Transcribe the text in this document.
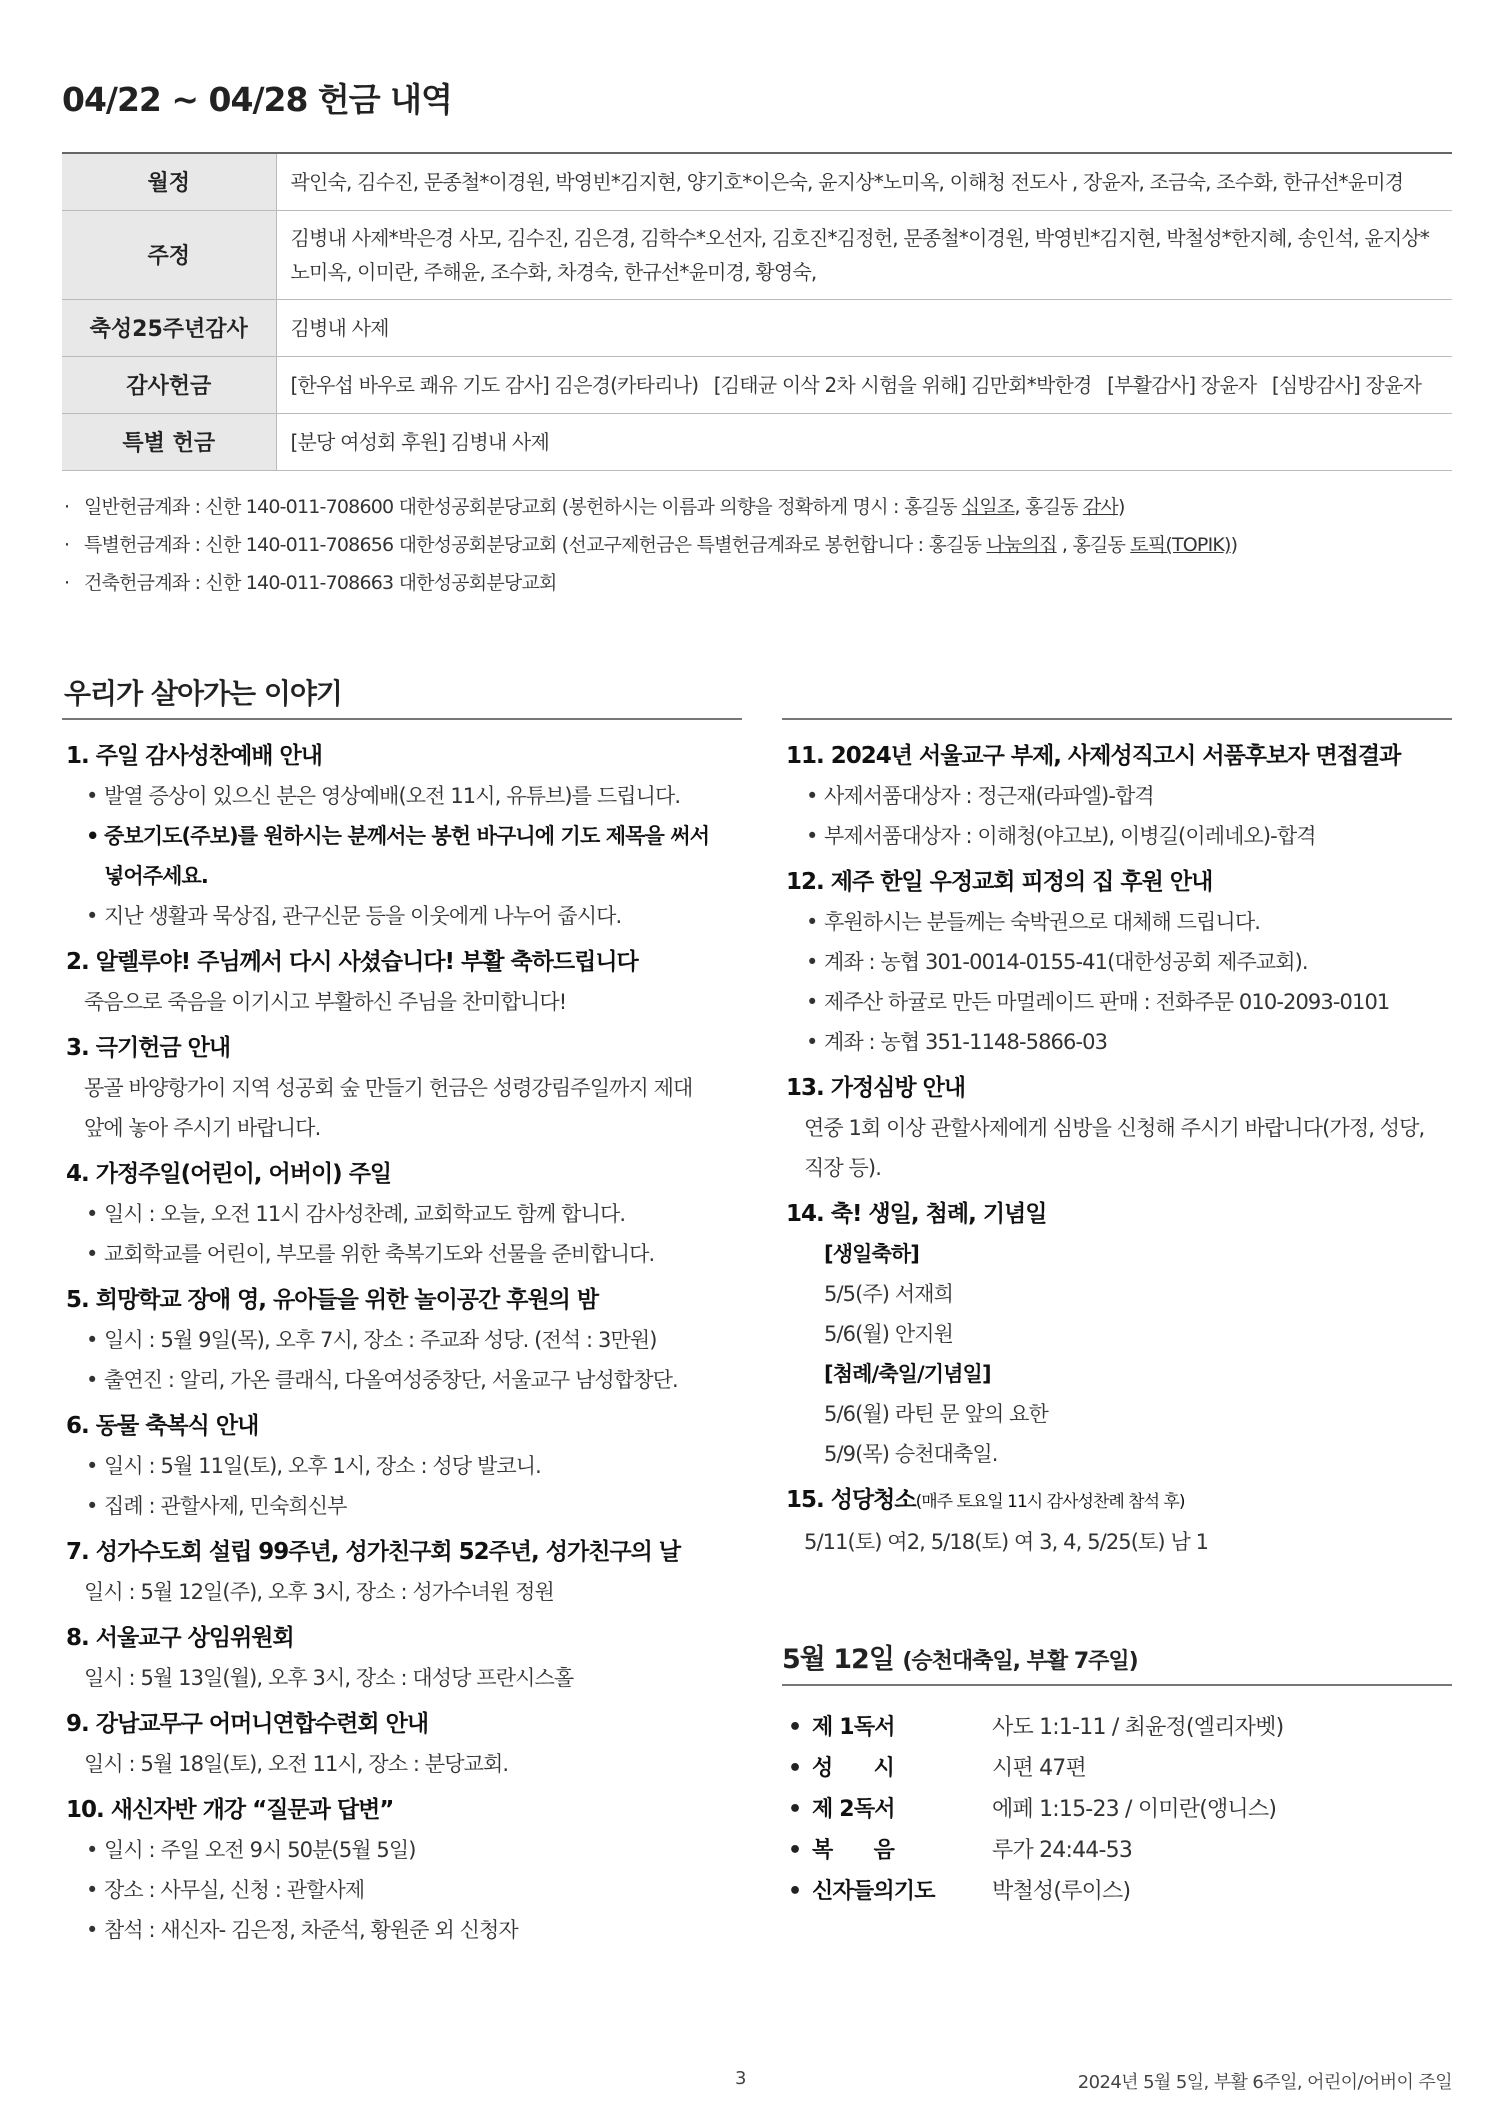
04/22 ~ 04/28 헌금 내역
월정	곽인숙, 김수진, 문종철*이경원, 박영빈*김지현, 양기호*이은숙, 윤지상*노미옥, 이해청 전도사 , 장윤자, 조금숙, 조수화, 한규선*윤미경
주정	김병내 사제*박은경 사모, 김수진, 김은경, 김학수*오선자, 김호진*김정헌, 문종철*이경원, 박영빈*김지현, 박철성*한지혜, 송인석, 윤지상*노미옥, 이미란, 주해윤, 조수화, 차경숙, 한규선*윤미경, 황영숙,
축성25주년감사	김병내 사제
감사헌금	[한우섭 바우로 쾌유 기도 감사] 김은경(카타리나) [김태균 이삭 2차 시험을 위해] 김만회*박한경 [부활감사] 장윤자 [심방감사] 장윤자
특별 헌금	[분당 여성회 후원] 김병내 사제
· 일반헌금계좌 : 신한 140-011-708600 대한성공회분당교회 (봉헌하시는 이름과 의향을 정확하게 명시 : 홍길동 십일조, 홍길동 감사)
· 특별헌금계좌 : 신한 140-011-708656 대한성공회분당교회 (선교구제헌금은 특별헌금계좌로 봉헌합니다 : 홍길동 나눔의집 , 홍길동 토픽(TOPIK))
· 건축헌금계좌 : 신한 140-011-708663 대한성공회분당교회
우리가 살아가는 이야기
1. 주일 감사성찬예배 안내
• 발열 증상이 있으신 분은 영상예배(오전 11시, 유튜브)를 드립니다.
• 중보기도(주보)를 원하시는 분께서는 봉헌 바구니에 기도 제목을 써서
넣어주세요.
• 지난 생활과 묵상집, 관구신문 등을 이웃에게 나누어 줍시다.
2. 알렐루야! 주님께서 다시 사셨습니다! 부활 축하드립니다
죽음으로 죽음을 이기시고 부활하신 주님을 찬미합니다!
3. 극기헌금 안내
몽골 바양항가이 지역 성공회 숲 만들기 헌금은 성령강림주일까지 제대
앞에 놓아 주시기 바랍니다.
4. 가정주일(어린이, 어버이) 주일
• 일시 : 오늘, 오전 11시 감사성찬례, 교회학교도 함께 합니다.
• 교회학교를 어린이, 부모를 위한 축복기도와 선물을 준비합니다.
5. 희망학교 장애 영, 유아들을 위한 놀이공간 후원의 밤
• 일시 : 5월 9일(목), 오후 7시, 장소 : 주교좌 성당. (전석 : 3만원)
• 출연진 : 알리, 가온 클래식, 다올여성중창단, 서울교구 남성합창단.
6. 동물 축복식 안내
• 일시 : 5월 11일(토), 오후 1시, 장소 : 성당 발코니.
• 집례 : 관할사제, 민숙희신부
7. 성가수도회 설립 99주년, 성가친구회 52주년, 성가친구의 날
일시 : 5월 12일(주), 오후 3시, 장소 : 성가수녀원 정원
8. 서울교구 상임위원회
일시 : 5월 13일(월), 오후 3시, 장소 : 대성당 프란시스홀
9. 강남교무구 어머니연합수련회 안내
일시 : 5월 18일(토), 오전 11시, 장소 : 분당교회.
10. 새신자반 개강 “질문과 답변”
• 일시 : 주일 오전 9시 50분(5월 5일)
• 장소 : 사무실, 신청 : 관할사제
• 참석 : 새신자- 김은정, 차준석, 황원준 외 신청자
11. 2024년 서울교구 부제, 사제성직고시 서품후보자 면접결과
• 사제서품대상자 : 정근재(라파엘)-합격
• 부제서품대상자 : 이해청(야고보), 이병길(이레네오)-합격
12. 제주 한일 우정교회 피정의 집 후원 안내
• 후원하시는 분들께는 숙박권으로 대체해 드립니다.
• 계좌 : 농협 301-0014-0155-41(대한성공회 제주교회).
• 제주산 하귤로 만든 마멀레이드 판매 : 전화주문 010-2093-0101
• 계좌 : 농협 351-1148-5866-03
13. 가정심방 안내
연중 1회 이상 관할사제에게 심방을 신청해 주시기 바랍니다(가정, 성당,
직장 등).
14. 축! 생일, 첨례, 기념일
[생일축하]
5/5(주) 서재희
5/6(월) 안지원
[첨례/축일/기념일]
5/6(월) 라틴 문 앞의 요한
5/9(목) 승천대축일.
15. 성당청소(매주 토요일 11시 감사성찬례 참석 후)
5/11(토) 여2, 5/18(토) 여 3, 4, 5/25(토) 남 1
5월 12일 (승천대축일, 부활 7주일)
• 제 1독서	사도 1:1-11 / 최윤정(엘리자벳)
• 성      시	시편 47편
• 제 2독서	에페 1:15-23 / 이미란(앵니스)
• 복      음	루가 24:44-53
• 신자들의기도	박철성(루이스)
3	2024년 5월 5일, 부활 6주일, 어린이/어버이 주일
